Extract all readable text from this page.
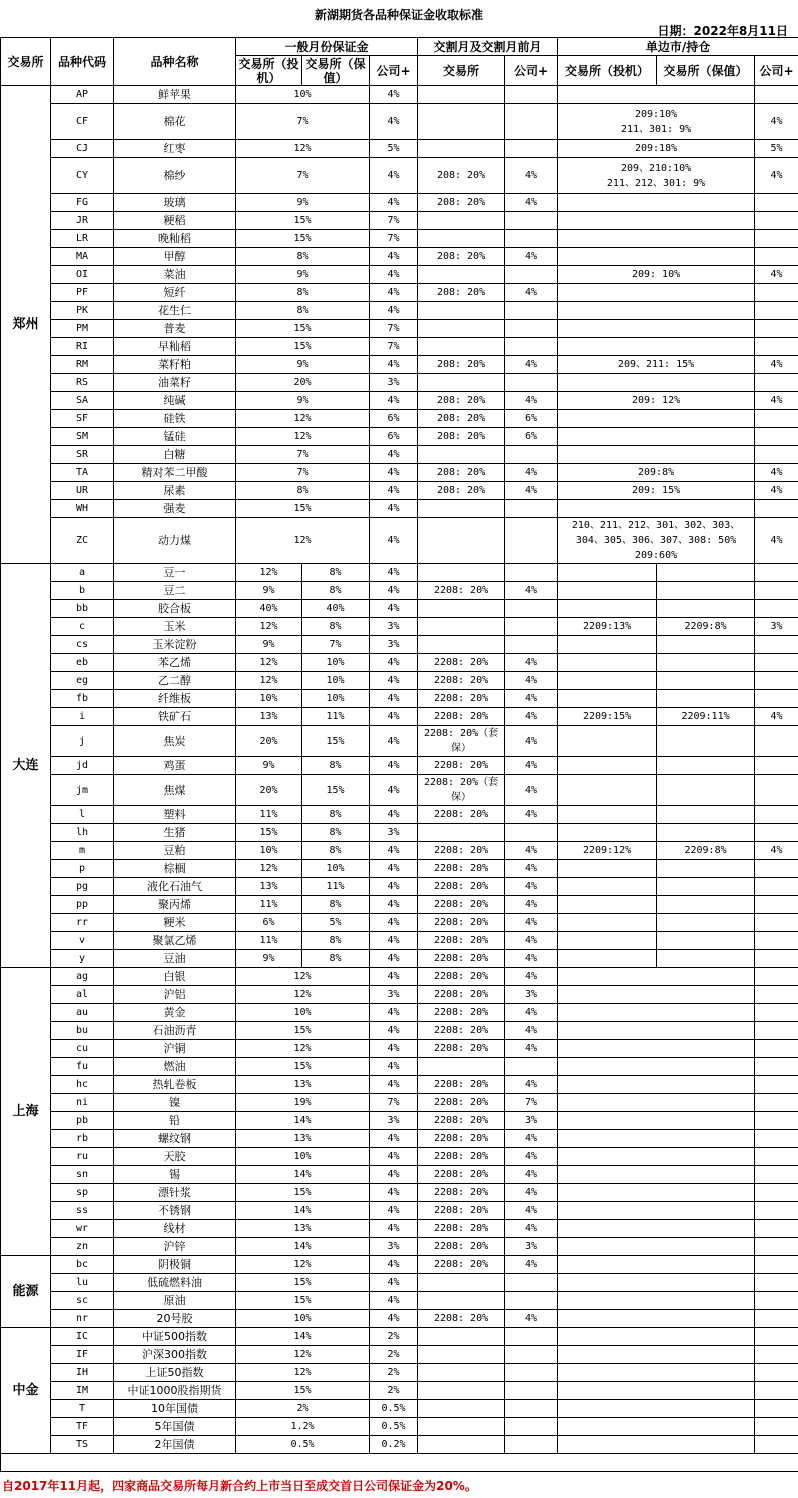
新湖期货各品种保证金收取标准
日期：2022年8月11日
交易所	品种代码	品种名称	一般月份保证金			交割月及交割月前月		单边市/持仓		
			交易所（投机）	交易所（保值）	公司+	交易所	公司+	交易所（投机）	交易所（保值）	公司+
郑州	AP	鲜苹果	10%		4%					
	CF	棉花	7%		4%			209:10%
211、301: 9%		4%
	CJ	红枣	12%		5%			209:18%		5%
	CY	棉纱	7%		4%	208: 20%	4%	209、210:10%
211、212、301: 9%		4%
	FG	玻璃	9%		4%	208: 20%	4%			
	JR	粳稻	15%		7%					
	LR	晚籼稻	15%		7%					
	MA	甲醇	8%		4%	208: 20%	4%			
	OI	菜油	9%		4%			209: 10%		4%
	PF	短纤	8%		4%	208: 20%	4%			
	PK	花生仁	8%		4%					
	PM	普麦	15%		7%					
	RI	早籼稻	15%		7%					
	RM	菜籽粕	9%		4%	208: 20%	4%	209、211: 15%		4%
	RS	油菜籽	20%		3%					
	SA	纯碱	9%		4%	208: 20%	4%	209: 12%		4%
	SF	硅铁	12%		6%	208: 20%	6%			
	SM	锰硅	12%		6%	208: 20%	6%			
	SR	白糖	7%		4%					
	TA	精对苯二甲酸	7%		4%	208: 20%	4%	209:8%		4%
	UR	尿素	8%		4%	208: 20%	4%	209: 15%		4%
	WH	强麦	15%		4%					
	ZC	动力煤	12%		4%			210、211、212、301、302、303、
304、305、306、307、308: 50%
209:60%		4%
大连	a	豆一	12%	8%	4%					
	b	豆二	9%	8%	4%	2208: 20%	4%			
	bb	胶合板	40%	40%	4%					
	c	玉米	12%	8%	3%			2209:13%	2209:8%	3%
	cs	玉米淀粉	9%	7%	3%					
	eb	苯乙烯	12%	10%	4%	2208: 20%	4%			
	eg	乙二醇	12%	10%	4%	2208: 20%	4%			
	fb	纤维板	10%	10%	4%	2208: 20%	4%			
	i	铁矿石	13%	11%	4%	2208: 20%	4%	2209:15%	2209:11%	4%
	j	焦炭	20%	15%	4%	2208: 20%（套
保）	4%			
	jd	鸡蛋	9%	8%	4%	2208: 20%	4%			
	jm	焦煤	20%	15%	4%	2208: 20%（套
保）	4%			
	l	塑料	11%	8%	4%	2208: 20%	4%			
	lh	生猪	15%	8%	3%					
	m	豆粕	10%	8%	4%	2208: 20%	4%	2209:12%	2209:8%	4%
	p	棕榈	12%	10%	4%	2208: 20%	4%			
	pg	液化石油气	13%	11%	4%	2208: 20%	4%			
	pp	聚丙烯	11%	8%	4%	2208: 20%	4%			
	rr	粳米	6%	5%	4%	2208: 20%	4%			
	v	聚氯乙烯	11%	8%	4%	2208: 20%	4%			
	y	豆油	9%	8%	4%	2208: 20%	4%			
上海	ag	白银	12%		4%	2208: 20%	4%			
	al	沪铝	12%		3%	2208: 20%	3%			
	au	黄金	10%		4%	2208: 20%	4%			
	bu	石油沥青	15%		4%	2208: 20%	4%			
	cu	沪铜	12%		4%	2208: 20%	4%			
	fu	燃油	15%		4%					
	hc	热轧卷板	13%		4%	2208: 20%	4%			
	ni	镍	19%		7%	2208: 20%	7%			
	pb	铅	14%		3%	2208: 20%	3%			
	rb	螺纹钢	13%		4%	2208: 20%	4%			
	ru	天胶	10%		4%	2208: 20%	4%			
	sn	锡	14%		4%	2208: 20%	4%			
	sp	漂针浆	15%		4%	2208: 20%	4%			
	ss	不锈钢	14%		4%	2208: 20%	4%			
	wr	线材	13%		4%	2208: 20%	4%			
	zn	沪锌	14%		3%	2208: 20%	3%			
能源	bc	阴极铜	12%		4%	2208: 20%	4%			
	lu	低硫燃料油	15%		4%					
	sc	原油	15%		4%					
	nr	20号胶	10%		4%	2208: 20%	4%			
中金	IC	中证500指数	14%		2%					
	IF	沪深300指数	12%		2%					
	IH	上证50指数	12%		2%					
	IM	中证1000股指期货	15%		2%					
	T	10年国债	2%		0.5%					
	TF	5年国债	1.2%		0.5%					
	TS	2年国债	0.5%		0.2%					

自2017年11月起，四家商品交易所每月新合约上市当日至成交首日公司保证金为20%。
